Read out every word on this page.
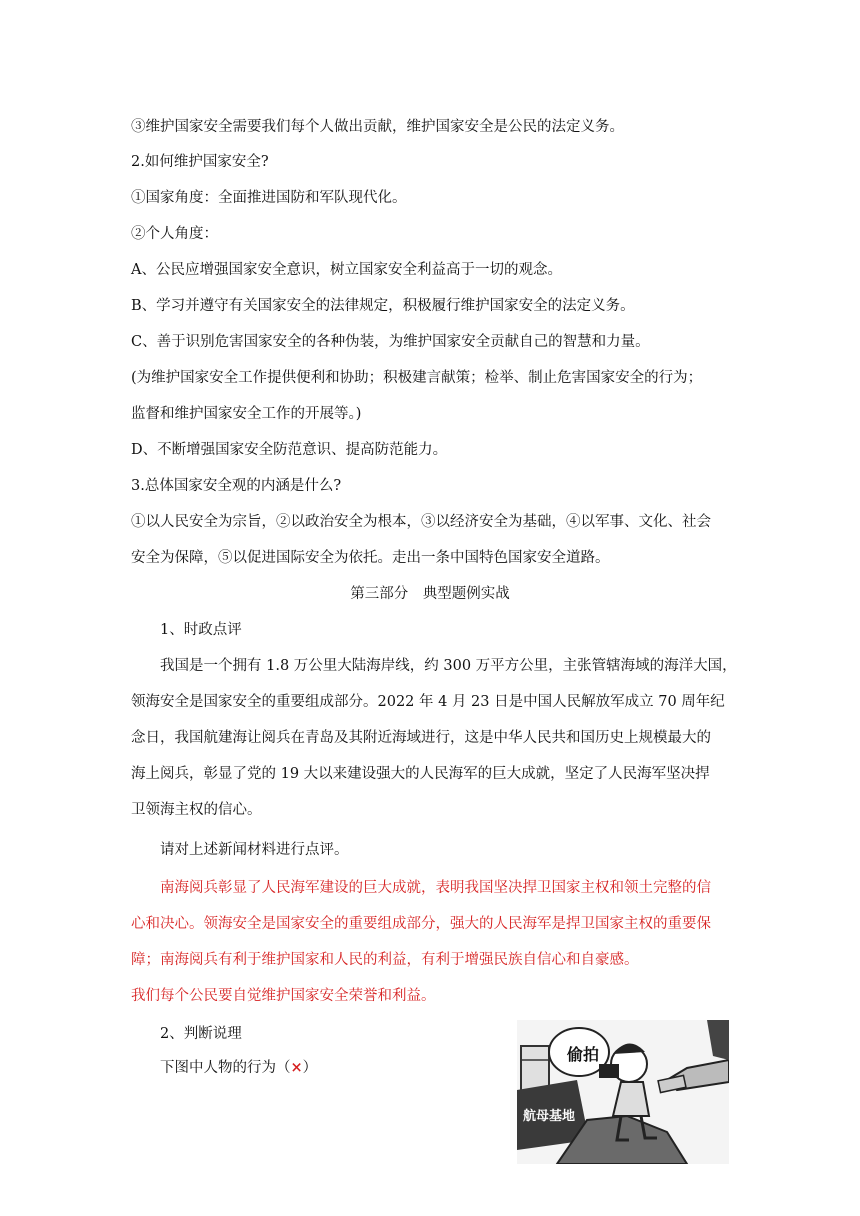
③维护国家安全需要我们每个人做出贡献，维护国家安全是公民的法定义务。
2.如何维护国家安全?
①国家角度：全面推进国防和军队现代化。
②个人角度：
A、公民应增强国家安全意识，树立国家安全利益高于一切的观念。
B、学习并遵守有关国家安全的法律规定，积极履行维护国家安全的法定义务。
C、善于识别危害国家安全的各种伪装，为维护国家安全贡献自己的智慧和力量。
(为维护国家安全工作提供便利和协助；积极建言献策；检举、制止危害国家安全的行为；
监督和维护国家安全工作的开展等。)
D、不断增强国家安全防范意识、提高防范能力。
3.总体国家安全观的内涵是什么?
①以人民安全为宗旨，②以政治安全为根本，③以经济安全为基础，④以军事、文化、社会
安全为保障，⑤以促进国际安全为依托。走出一条中国特色国家安全道路。
第三部分　典型题例实战
1、时政点评
我国是一个拥有 1.8 万公里大陆海岸线，约 300 万平方公里，主张管辖海域的海洋大国，
领海安全是国家安全的重要组成部分。2022 年 4 月 23 日是中国人民解放军成立 70 周年纪
念日，我国航建海让阅兵在青岛及其附近海域进行，这是中华人民共和国历史上规模最大的
海上阅兵，彰显了党的 19 大以来建设强大的人民海军的巨大成就，坚定了人民海军坚决捍
卫领海主权的信心。
请对上述新闻材料进行点评。
南海阅兵彰显了人民海军建设的巨大成就，表明我国坚决捍卫国家主权和领土完整的信
心和决心。领海安全是国家安全的重要组成部分，强大的人民海军是捍卫国家主权的重要保
障；南海阅兵有利于维护国家和人民的利益，有利于增强民族自信心和自豪感。
我们每个公民要自觉维护国家安全荣誉和利益。
2、判断说理
下图中人物的行为（×）
航母基地
偷拍
